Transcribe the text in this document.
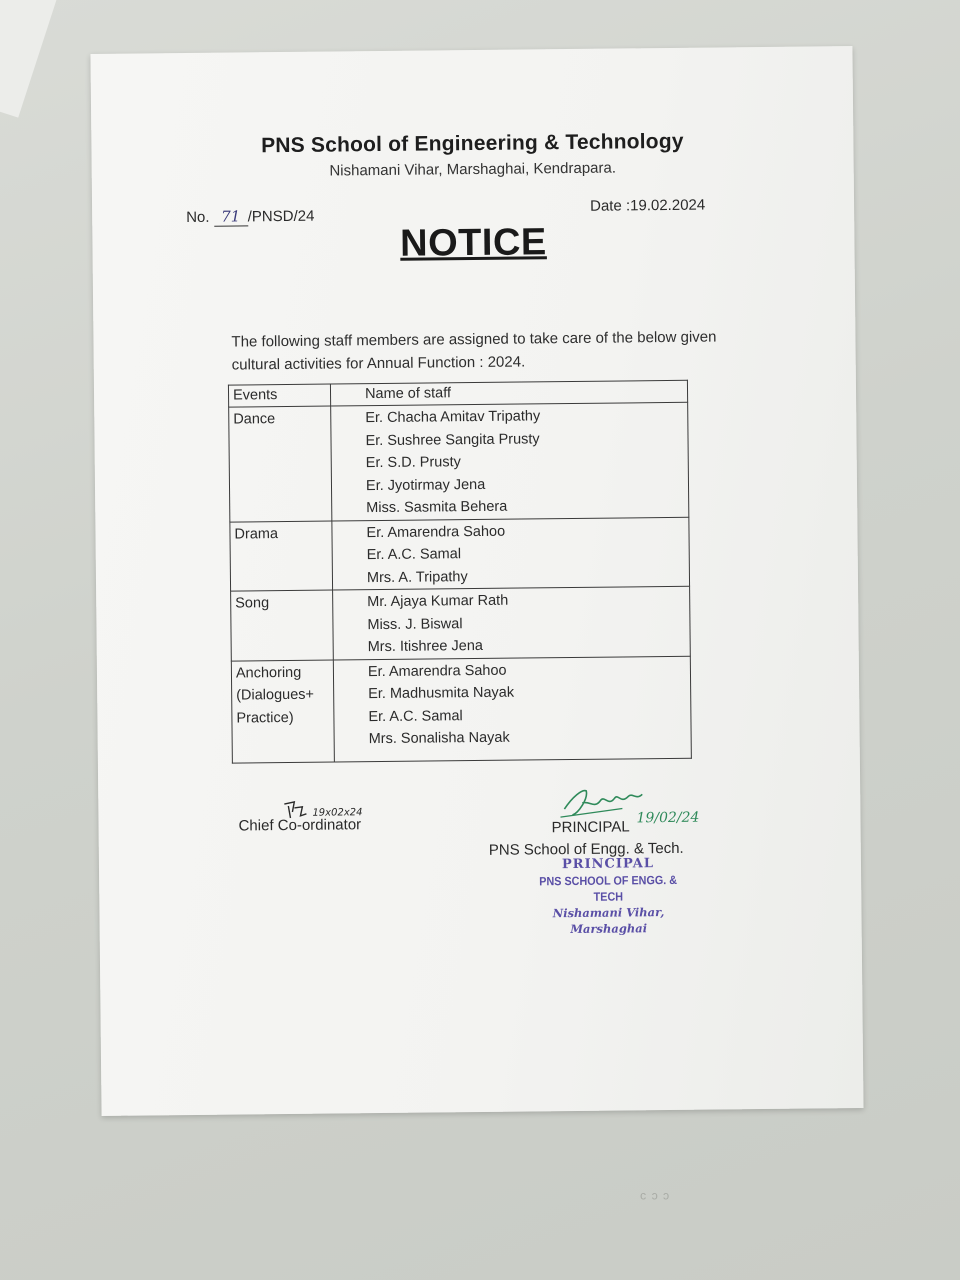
PNS School of Engineering & Technology
Nishamani Vihar, Marshaghai, Kendrapara.
No. 71 /PNSD/24
Date :19.02.2024
NOTICE
The following staff members are assigned to take care of the below given cultural activities for Annual Function : 2024.
Events	Name of staff

Dance	Er. Chacha Amitav Tripathy
Er. Sushree Sangita Prusty
Er. S.D. Prusty
Er. Jyotirmay Jena
Miss. Sasmita Behera

Drama	Er. Amarendra Sahoo
Er. A.C. Samal
Mrs. A. Tripathy

Song	Mr. Ajaya Kumar Rath
Miss. J. Biswal
Mrs. Itishree Jena

Anchoring
(Dialogues+
Practice)	Er. Amarendra Sahoo
Er. Madhusmita Nayak
Er. A.C. Samal
Mrs. Sonalisha Nayak
19x02x24
Chief Co-ordinator	19/02/24
PRINCIPAL
PNS School of Engg. & Tech.
PRINCIPAL
PNS SCHOOL OF ENGG. & TECH
Nishamani Vihar, Marshaghai
ᶜ ᵓ ᵓ
